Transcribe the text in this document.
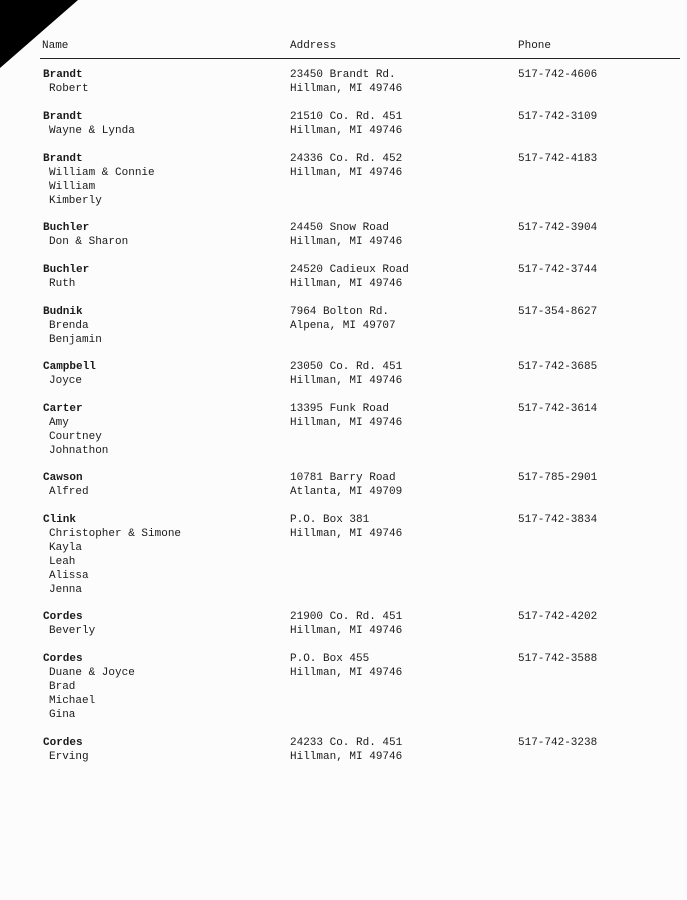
Name	Address	Phone
Brandt
Robert
23450 Brandt Rd.
Hillman, MI 49746
517-742-4606
Brandt
Wayne & Lynda
21510 Co. Rd. 451
Hillman, MI 49746
517-742-3109
Brandt
William & Connie
William
Kimberly
24336 Co. Rd. 452
Hillman, MI 49746
517-742-4183
Buchler
Don & Sharon
24450 Snow Road
Hillman, MI 49746
517-742-3904
Buchler
Ruth
24520 Cadieux Road
Hillman, MI 49746
517-742-3744
Budnik
Brenda
Benjamin
7964 Bolton Rd.
Alpena, MI 49707
517-354-8627
Campbell
Joyce
23050 Co. Rd. 451
Hillman, MI 49746
517-742-3685
Carter
Amy
Courtney
Johnathon
13395 Funk Road
Hillman, MI 49746
517-742-3614
Cawson
Alfred
10781 Barry Road
Atlanta, MI 49709
517-785-2901
Clink
Christopher & Simone
Kayla
Leah
Alissa
Jenna
P.O. Box 381
Hillman, MI 49746
517-742-3834
Cordes
Beverly
21900 Co. Rd. 451
Hillman, MI 49746
517-742-4202
Cordes
Duane & Joyce
Brad
Michael
Gina
P.O. Box 455
Hillman, MI 49746
517-742-3588
Cordes
Erving
24233 Co. Rd. 451
Hillman, MI 49746
517-742-3238
